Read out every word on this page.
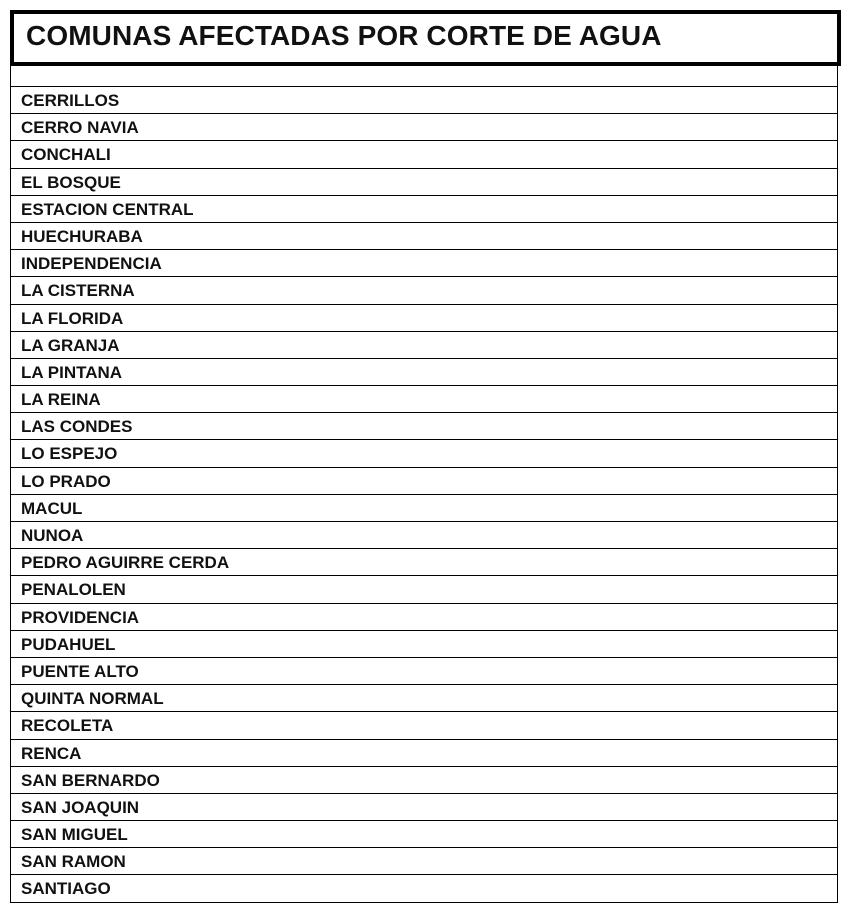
COMUNAS AFECTADAS POR CORTE DE AGUA
CERRILLOS
CERRO NAVIA
CONCHALI
EL BOSQUE
ESTACION CENTRAL
HUECHURABA
INDEPENDENCIA
LA CISTERNA
LA FLORIDA
LA GRANJA
LA PINTANA
LA REINA
LAS CONDES
LO ESPEJO
LO PRADO
MACUL
NUNOA
PEDRO AGUIRRE CERDA
PENALOLEN
PROVIDENCIA
PUDAHUEL
PUENTE ALTO
QUINTA NORMAL
RECOLETA
RENCA
SAN BERNARDO
SAN JOAQUIN
SAN MIGUEL
SAN RAMON
SANTIAGO
